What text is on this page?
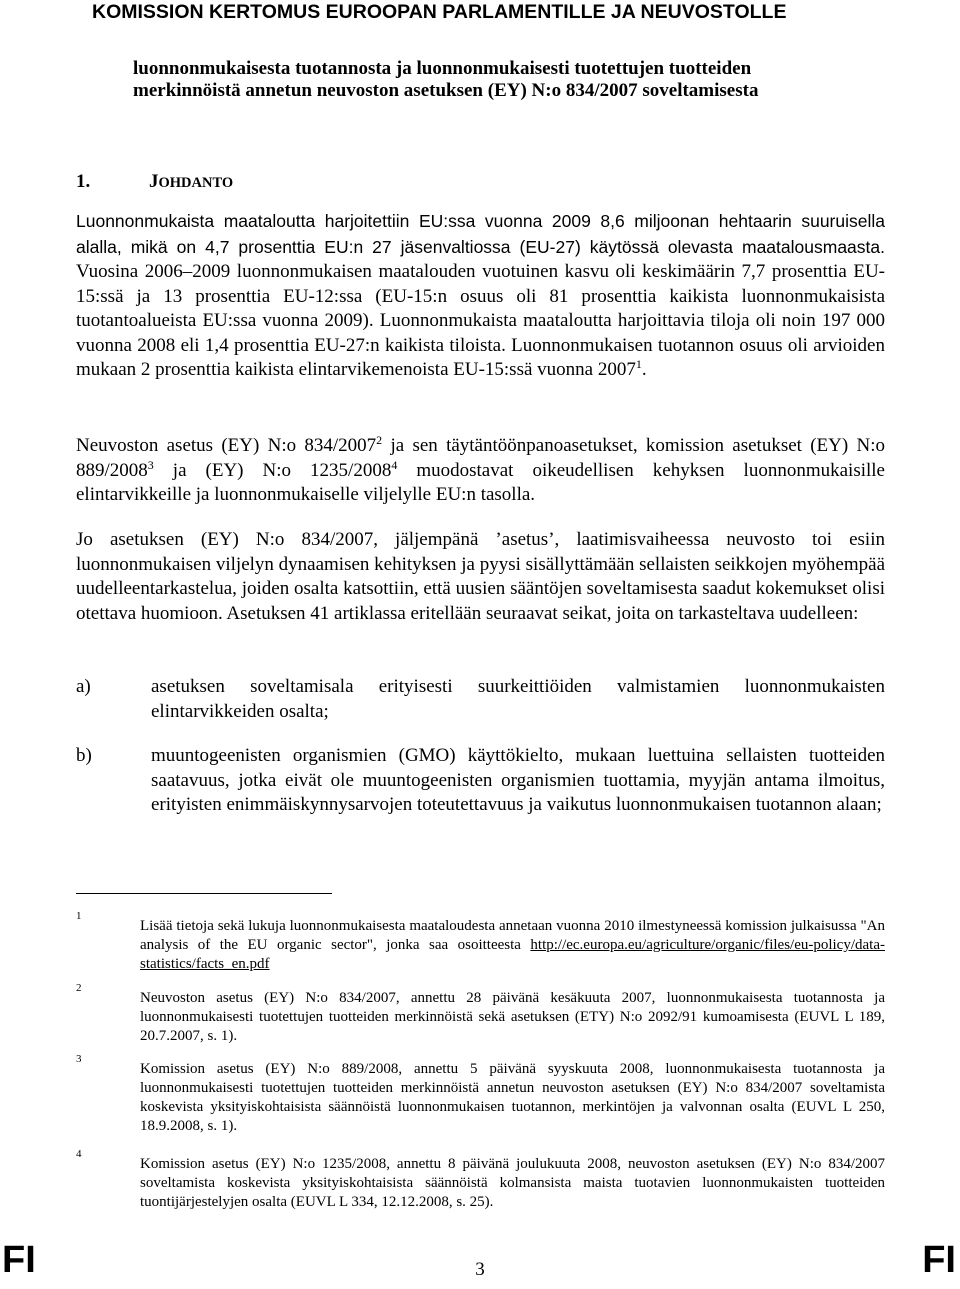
KOMISSION KERTOMUS EUROOPAN PARLAMENTILLE JA NEUVOSTOLLE
luonnonmukaisesta tuotannosta ja luonnonmukaisesti tuotettujen tuotteiden merkinnöistä annetun neuvoston asetuksen (EY) N:o 834/2007 soveltamisesta
1.	JOHDANTO
Luonnonmukaista maataloutta harjoitettiin EU:ssa vuonna 2009 8,6 miljoonan hehtaarin suuruisella alalla, mikä on 4,7 prosenttia EU:n 27 jäsenvaltiossa (EU-27) käytössä olevasta maatalousmaasta. Vuosina 2006–2009 luonnonmukaisen maatalouden vuotuinen kasvu oli keskimäärin 7,7 prosenttia EU-15:ssä ja 13 prosenttia EU-12:ssa (EU-15:n osuus oli 81 prosenttia kaikista luonnonmukaisista tuotantoalueista EU:ssa vuonna 2009). Luonnonmukaista maataloutta harjoittavia tiloja oli noin 197 000 vuonna 2008 eli 1,4 prosenttia EU-27:n kaikista tiloista. Luonnonmukaisen tuotannon osuus oli arvioiden mukaan 2 prosenttia kaikista elintarvikemenoista EU-15:ssä vuonna 2007$^1$.
Neuvoston asetus (EY) N:o 834/2007$^2$ ja sen täytäntöönpanoasetukset, komission asetukset (EY) N:o 889/2008$^3$ ja (EY) N:o 1235/2008$^4$ muodostavat oikeudellisen kehyksen luonnonmukaisille elintarvikkeille ja luonnonmukaiselle viljelylle EU:n tasolla.
Jo asetuksen (EY) N:o 834/2007, jäljempänä ’asetus’, laatimisvaiheessa neuvosto toi esiin luonnonmukaisen viljelyn dynaamisen kehityksen ja pyysi sisällyttämään sellaisten seikkojen myöhempää uudelleentarkastelua, joiden osalta katsottiin, että uusien sääntöjen soveltamisesta saadut kokemukset olisi otettava huomioon. Asetuksen 41 artiklassa eritellään seuraavat seikat, joita on tarkasteltava uudelleen:
a)	asetuksen soveltamisala erityisesti suurkeittiöiden valmistamien luonnonmukaisten elintarvikkeiden osalta;
b)	muuntogeenisten organismien (GMO) käyttökielto, mukaan luettuina sellaisten tuotteiden saatavuus, jotka eivät ole muuntogeenisten organismien tuottamia, myyjän antama ilmoitus, erityisten enimmäiskynnysarvojen toteutettavuus ja vaikutus luonnonmukaisen tuotannon alaan;
1
Lisää tietoja sekä lukuja luonnonmukaisesta maataloudesta annetaan vuonna 2010 ilmestyneessä komission julkaisussa "An analysis of the EU organic sector", jonka saa osoitteesta http://ec.europa.eu/agriculture/organic/files/eu-policy/data-statistics/facts_en.pdf
2
Neuvoston asetus (EY) N:o 834/2007, annettu 28 päivänä kesäkuuta 2007, luonnonmukaisesta tuotannosta ja luonnonmukaisesti tuotettujen tuotteiden merkinnöistä sekä asetuksen (ETY) N:o 2092/91 kumoamisesta (EUVL L 189, 20.7.2007, s. 1).
3
Komission asetus (EY) N:o 889/2008, annettu 5 päivänä syyskuuta 2008, luonnonmukaisesta tuotannosta ja luonnonmukaisesti tuotettujen tuotteiden merkinnöistä annetun neuvoston asetuksen (EY) N:o 834/2007 soveltamista koskevista yksityiskohtaisista säännöistä luonnonmukaisen tuotannon, merkintöjen ja valvonnan osalta (EUVL L 250, 18.9.2008, s. 1).
4
Komission asetus (EY) N:o 1235/2008, annettu 8 päivänä joulukuuta 2008, neuvoston asetuksen (EY) N:o 834/2007 soveltamista koskevista yksityiskohtaisista säännöistä kolmansista maista tuotavien luonnonmukaisten tuotteiden tuontijärjestelyjen osalta (EUVL L 334, 12.12.2008, s. 25).
FI	3	FI
